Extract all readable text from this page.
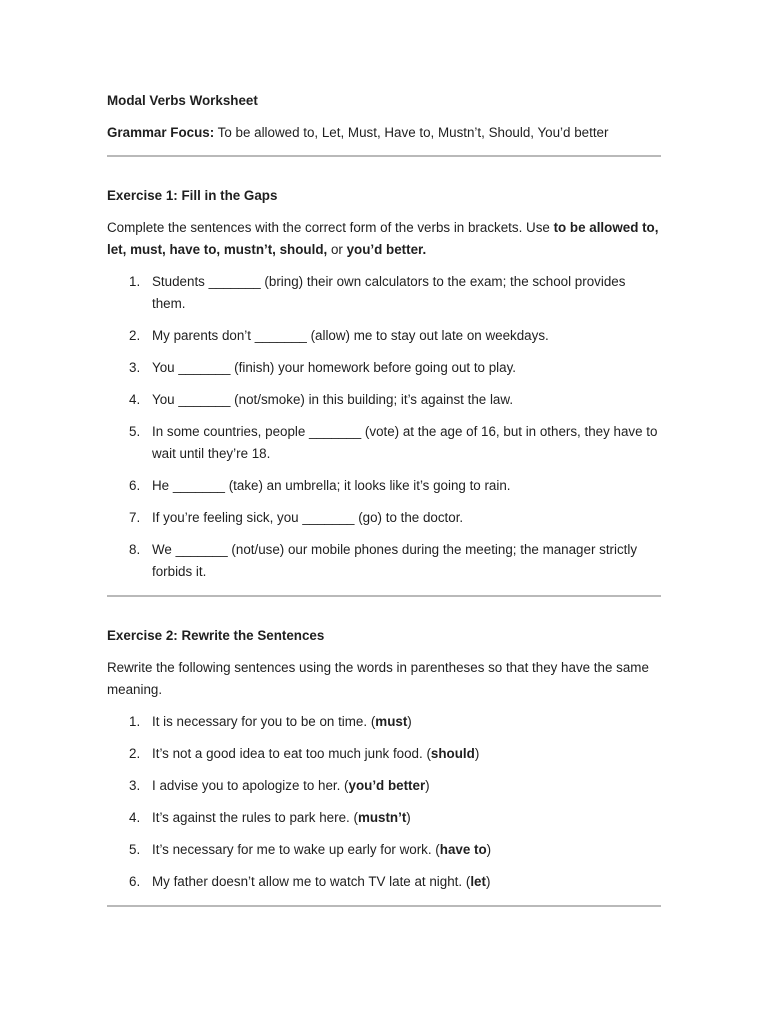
Modal Verbs Worksheet

Grammar Focus: To be allowed to, Let, Must, Have to, Mustn’t, Should, You’d better

Exercise 1: Fill in the Gaps

Complete the sentences with the correct form of the verbs in brackets. Use to be allowed to, let, must, have to, mustn’t, should, or you’d better.

1. Students _______ (bring) their own calculators to the exam; the school provides them.
2. My parents don’t _______ (allow) me to stay out late on weekdays.
3. You _______ (finish) your homework before going out to play.
4. You _______ (not/smoke) in this building; it’s against the law.
5. In some countries, people _______ (vote) at the age of 16, but in others, they have to wait until they’re 18.
6. He _______ (take) an umbrella; it looks like it’s going to rain.
7. If you’re feeling sick, you _______ (go) to the doctor.
8. We _______ (not/use) our mobile phones during the meeting; the manager strictly forbids it.

Exercise 2: Rewrite the Sentences

Rewrite the following sentences using the words in parentheses so that they have the same meaning.

1. It is necessary for you to be on time. (must)
2. It’s not a good idea to eat too much junk food. (should)
3. I advise you to apologize to her. (you’d better)
4. It’s against the rules to park here. (mustn’t)
5. It’s necessary for me to wake up early for work. (have to)
6. My father doesn’t allow me to watch TV late at night. (let)
